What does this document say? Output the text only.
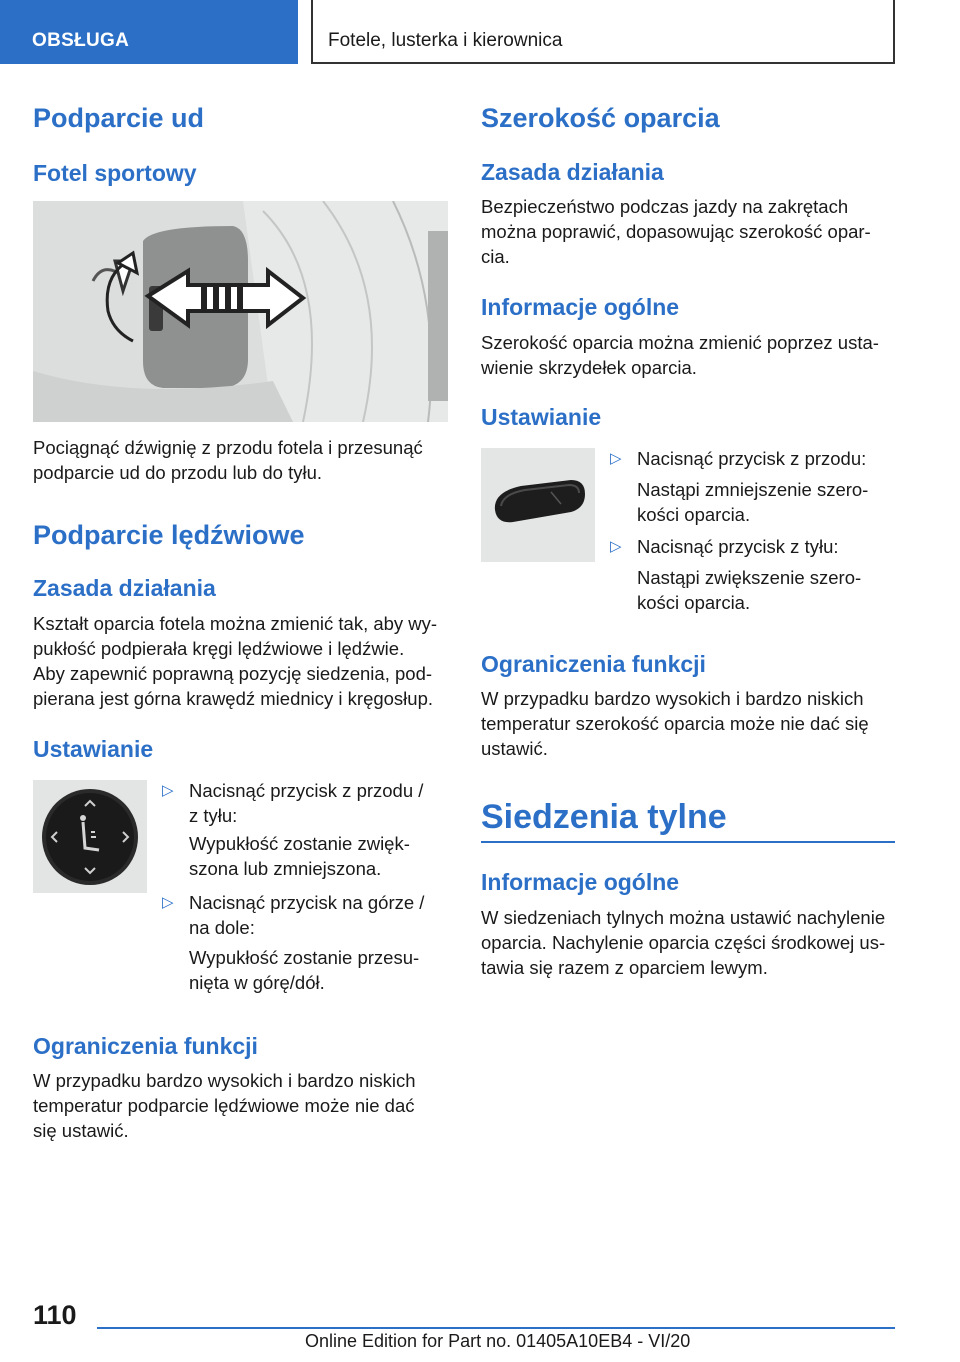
OBSŁUGA	Fotele, lusterka i kierownica
Podparcie ud
Fotel sportowy
Pociągnąć dźwignię z przodu fotela i przesunąć
podparcie ud do przodu lub do tyłu.
Podparcie lędźwiowe
Zasada działania
Kształt oparcia fotela można zmienić tak, aby wy-
pukłość podpierała kręgi lędźwiowe i lędźwie.
Aby zapewnić poprawną pozycję siedzenia, pod-
pierana jest górna krawędź miednicy i kręgosłup.
Ustawianie
▷ Nacisnąć przycisk z przodu /
z tyłu:
Wypukłość zostanie zwięk-
szona lub zmniejszona.
▷ Nacisnąć przycisk na górze /
na dole:
Wypukłość zostanie przesu-
nięta w górę/dół.
Ograniczenia funkcji
W przypadku bardzo wysokich i bardzo niskich
temperatur podparcie lędźwiowe może nie dać
się ustawić.
Szerokość oparcia
Zasada działania
Bezpieczeństwo podczas jazdy na zakrętach
można poprawić, dopasowując szerokość opar-
cia.
Informacje ogólne
Szerokość oparcia można zmienić poprzez usta-
wienie skrzydełek oparcia.
Ustawianie
▷ Nacisnąć przycisk z przodu:
Nastąpi zmniejszenie szero-
kości oparcia.
▷ Nacisnąć przycisk z tyłu:
Nastąpi zwiększenie szero-
kości oparcia.
Ograniczenia funkcji
W przypadku bardzo wysokich i bardzo niskich
temperatur szerokość oparcia może nie dać się
ustawić.
Siedzenia tylne
Informacje ogólne
W siedzeniach tylnych można ustawić nachylenie
oparcia. Nachylenie oparcia części środkowej us-
tawia się razem z oparciem lewym.
110
Online Edition for Part no. 01405A10EB4 - VI/20
